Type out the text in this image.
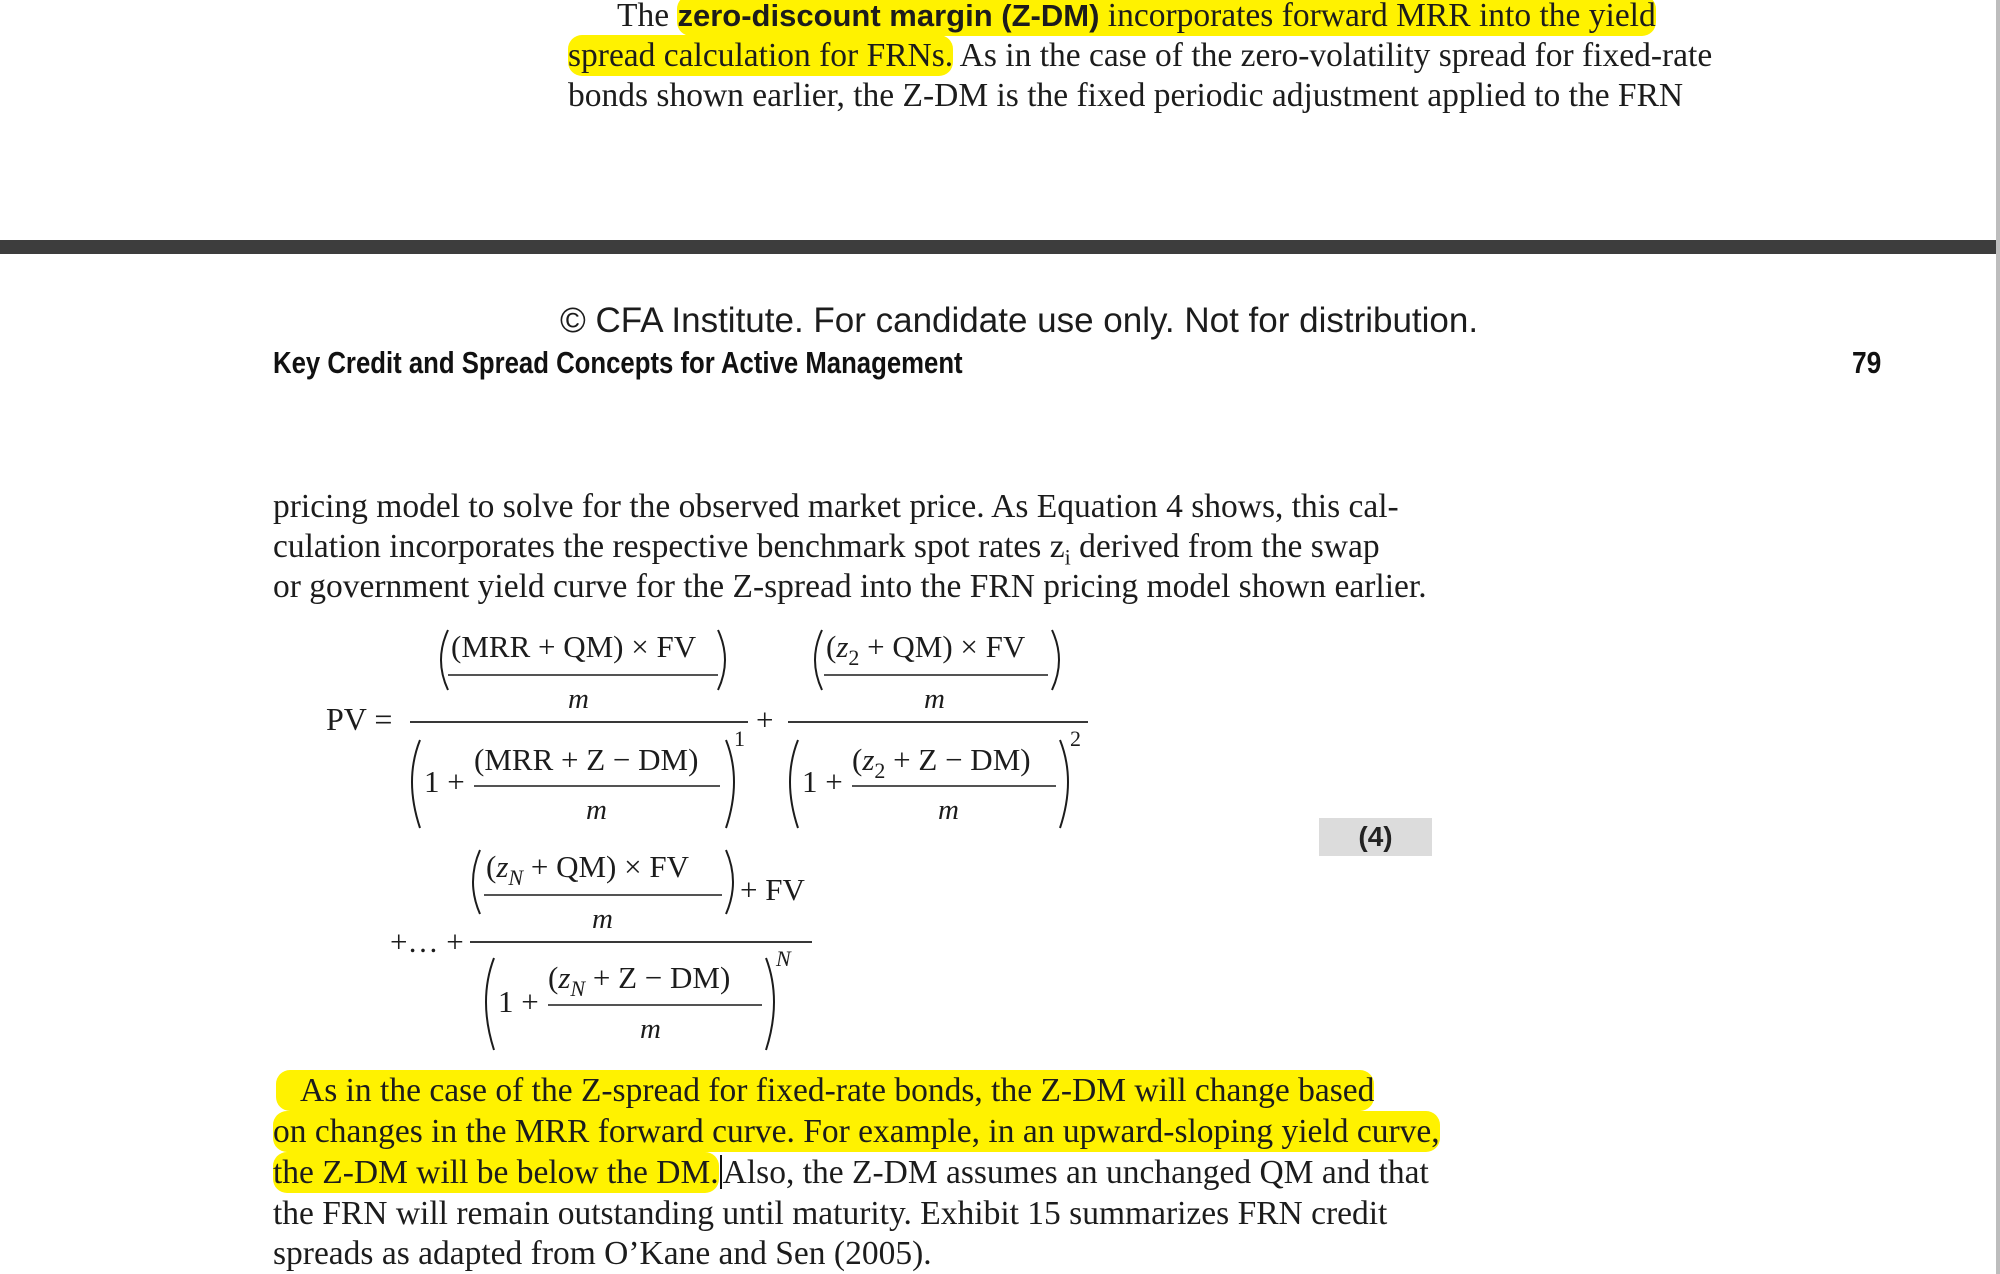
The zero-discount margin (Z-DM) incorporates forward MRR into the yield
spread calculation for FRNs. As in the case of the zero-volatility spread for fixed-rate
bonds shown earlier, the Z-DM is the fixed periodic adjustment applied to the FRN
© CFA Institute. For candidate use only. Not for distribution.
Key Credit and Spread Concepts for Active Management	79
pricing model to solve for the observed market price. As Equation 4 shows, this cal-
culation incorporates the respective benchmark spot rates $z_i$ derived from the swap
or government yield curve for the Z-spread into the FRN pricing model shown earlier.
PV =
(MRR + QM) × FV
m
1 +
(MRR + Z − DM)
m
1
+
$(z_2 + QM)$ × FV
m
1 +
$(z_2 + Z - DM)$
m
2
+… +
$(z_N + QM)$ × FV
m
+ FV
1 +
$(z_N + Z - DM)$
m
N
(4)
As in the case of the Z-spread for fixed-rate bonds, the Z-DM will change based
on changes in the MRR forward curve. For example, in an upward-sloping yield curve,
the Z-DM will be below the DM. Also, the Z-DM assumes an unchanged QM and that
the FRN will remain outstanding until maturity. Exhibit 15 summarizes FRN credit
spreads as adapted from O’Kane and Sen (2005).
